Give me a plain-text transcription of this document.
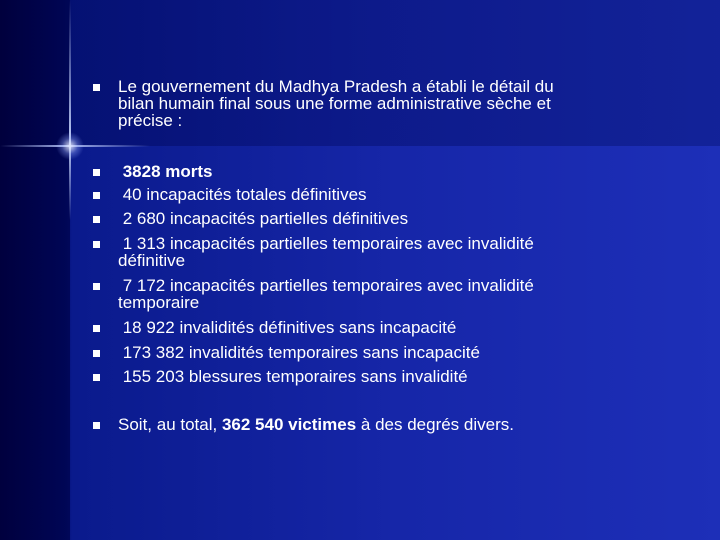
Le gouvernement du Madhya Pradesh a établi le détail du
bilan humain final sous une forme administrative sèche et
précise :
3828 morts
40 incapacités totales définitives
2 680 incapacités partielles définitives
1 313 incapacités partielles temporaires avec invalidité
définitive
7 172 incapacités partielles temporaires avec invalidité
temporaire
18 922 invalidités définitives sans incapacité
173 382 invalidités temporaires sans incapacité
155 203 blessures temporaires sans invalidité
Soit, au total, 362 540 victimes à des degrés divers.
